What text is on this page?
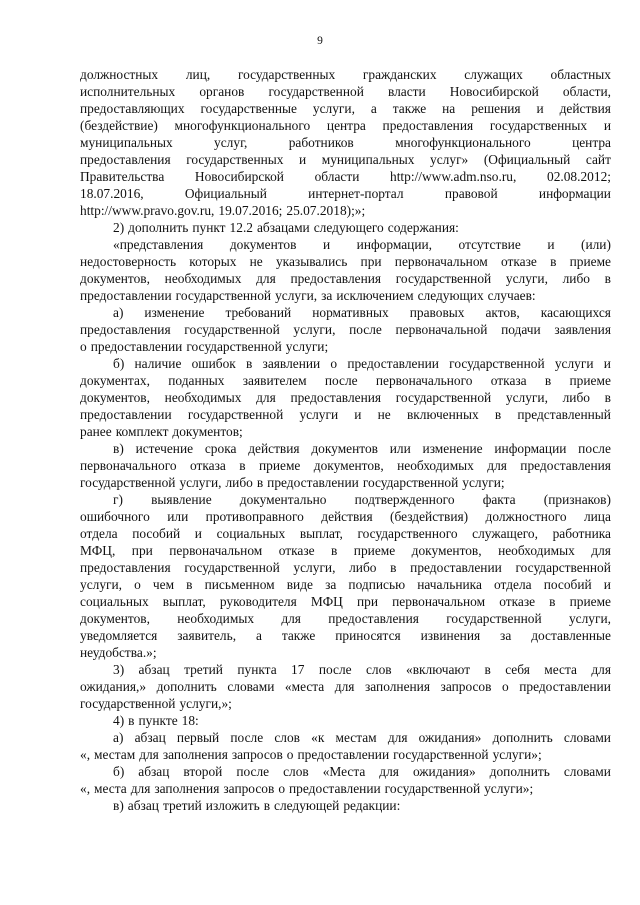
9
должностных лиц, государственных гражданских служащих областных
исполнительных органов государственной власти Новосибирской области,
предоставляющих государственные услуги, а также на решения и действия
(бездействие) многофункционального центра предоставления государственных и
муниципальных	услуг,	работников	многофункционального	центра
предоставления государственных и муниципальных услуг» (Официальный сайт
Правительства Новосибирской области http://www.adm.nso.ru, 02.08.2012;
18.07.2016,	Официальный	интернет-портал	правовой	информации
http://www.pravo.gov.ru, 19.07.2016; 25.07.2018);»;
2) дополнить пункт 12.2 абзацами следующего содержания:
«представления документов и информации, отсутствие и (или)
недостоверность которых не указывались при первоначальном отказе в приеме
документов, необходимых для предоставления государственной услуги, либо в
предоставлении государственной услуги, за исключением следующих случаев:
а) изменение требований нормативных правовых актов, касающихся
предоставления государственной услуги, после первоначальной подачи заявления
о предоставлении государственной услуги;
б) наличие ошибок в заявлении о предоставлении государственной услуги и
документах, поданных заявителем после первоначального отказа в приеме
документов, необходимых для предоставления государственной услуги, либо в
предоставлении государственной услуги и не включенных в представленный
ранее комплект документов;
в) истечение срока действия документов или изменение информации после
первоначального отказа в приеме документов, необходимых для предоставления
государственной услуги, либо в предоставлении государственной услуги;
г) выявление документально подтвержденного факта (признаков)
ошибочного или противоправного действия (бездействия) должностного лица
отдела пособий и социальных выплат, государственного служащего, работника
МФЦ, при первоначальном отказе в приеме документов, необходимых для
предоставления государственной услуги, либо в предоставлении государственной
услуги, о чем в письменном виде за подписью начальника отдела пособий и
социальных выплат, руководителя МФЦ при первоначальном отказе в приеме
документов, необходимых для предоставления государственной услуги,
уведомляется заявитель, а также приносятся извинения за доставленные
неудобства.»;
3) абзац третий пункта 17 после слов «включают в себя места для
ожидания,» дополнить словами «места для заполнения запросов о предоставлении
государственной услуги,»;
4) в пункте 18:
а) абзац первый после слов «к местам для ожидания» дополнить словами
«, местам для заполнения запросов о предоставлении государственной услуги»;
б) абзац второй после слов «Места для ожидания» дополнить словами
«, места для заполнения запросов о предоставлении государственной услуги»;
в) абзац третий изложить в следующей редакции:
